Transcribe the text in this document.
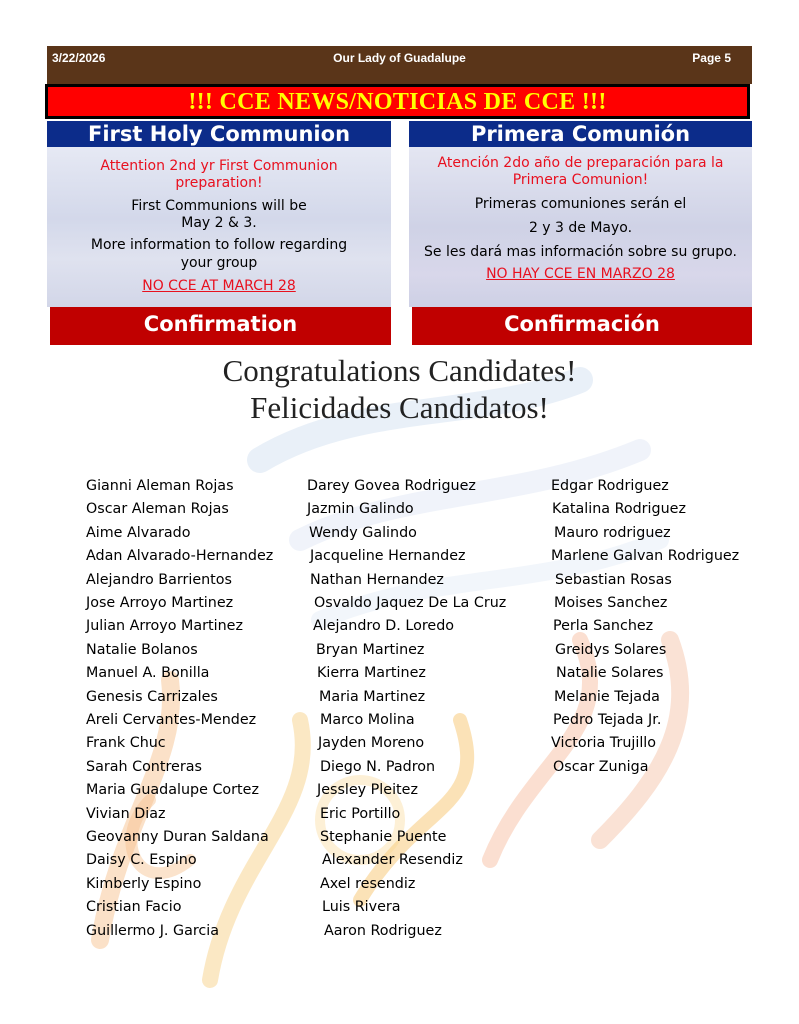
3/22/2026	Our Lady of Guadalupe	Page 5
!!! CCE NEWS/NOTICIAS DE CCE !!!
First Holy Communion
Attention 2nd yr First Communion preparation!
First Communions will be
May 2 & 3.
More information to follow regarding
your group
NO CCE AT MARCH 28
Confirmation
Primera Comunión
Atención 2do año de preparación para la Primera Comunion!
Primeras comuniones serán el
2 y 3 de Mayo.
Se les dará mas información sobre su grupo.
NO HAY CCE EN MARZO 28
Confirmación
Congratulations Candidates!
Felicidades Candidatos!
Gianni Aleman Rojas
Oscar Aleman Rojas
Aime Alvarado
Adan Alvarado-Hernandez
Alejandro Barrientos
Jose Arroyo Martinez
Julian Arroyo Martinez
Natalie Bolanos
Manuel A. Bonilla
Genesis Carrizales
Areli Cervantes-Mendez
Frank Chuc
Sarah Contreras
Maria Guadalupe Cortez
Vivian Diaz
Geovanny Duran Saldana
Daisy C. Espino
Kimberly Espino
Cristian Facio
Guillermo J. Garcia
Darey Govea Rodriguez
Jazmin Galindo
Wendy Galindo
Jacqueline Hernandez
Nathan Hernandez
Osvaldo Jaquez De La Cruz
Alejandro D. Loredo
Bryan Martinez
Kierra Martinez
Maria Martinez
Marco Molina
Jayden Moreno
Diego N. Padron
Jessley Pleitez
Eric Portillo
Stephanie Puente
Alexander Resendiz
Axel resendiz
Luis Rivera
Aaron Rodriguez
Edgar Rodriguez
Katalina Rodriguez
Mauro rodriguez
Marlene Galvan Rodriguez
Sebastian Rosas
Moises Sanchez
Perla Sanchez
Greidys Solares
Natalie Solares
Melanie Tejada
Pedro Tejada Jr.
Victoria Trujillo
Oscar Zuniga
